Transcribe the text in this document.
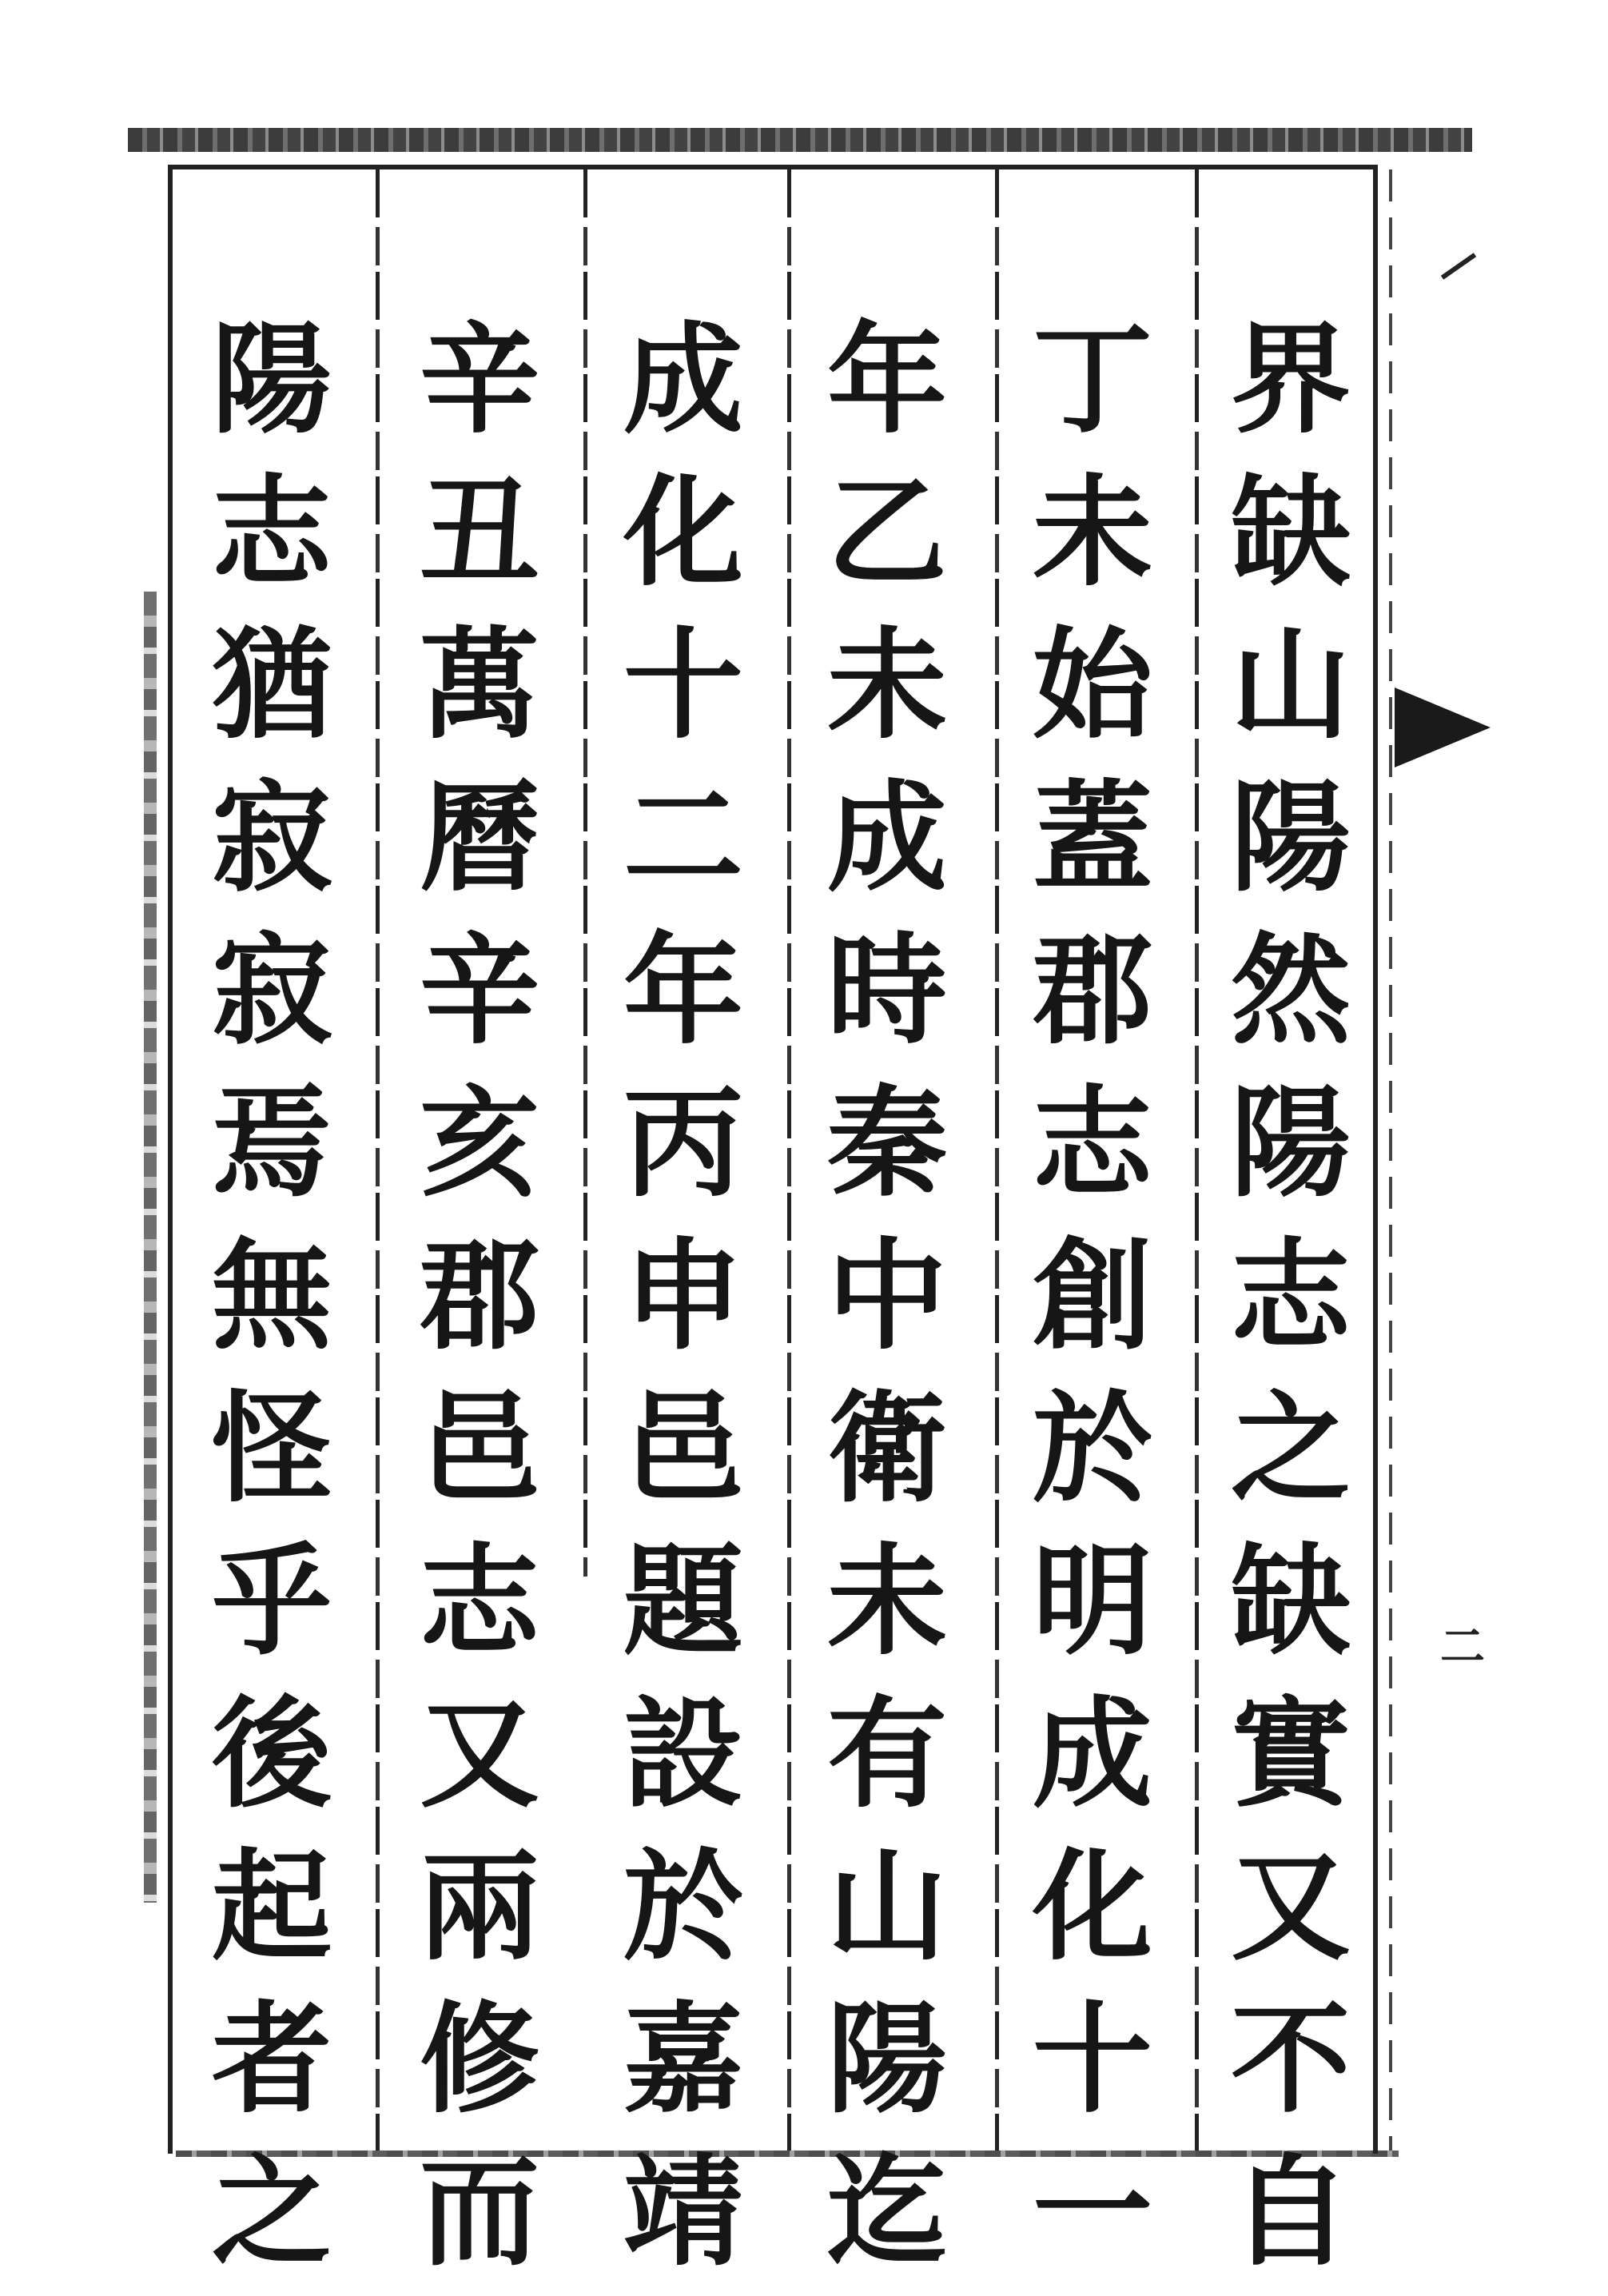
二
界
缺
山
陽
然
陽
志
之
缺
實
又
不
自
丁
未
始
蓋
郡
志
創
於
明
成
化
十
一
年
乙
未
成
時
秦
中
衛
未
有
山
陽
迄
成
化
十
二
年
丙
申
邑
題
設
於
嘉
靖
辛
丑
萬
曆
辛
亥
郡
邑
志
又
兩
修
而
陽
志
猶
寂
寂
焉
無
怪
乎
後
起
者
之
